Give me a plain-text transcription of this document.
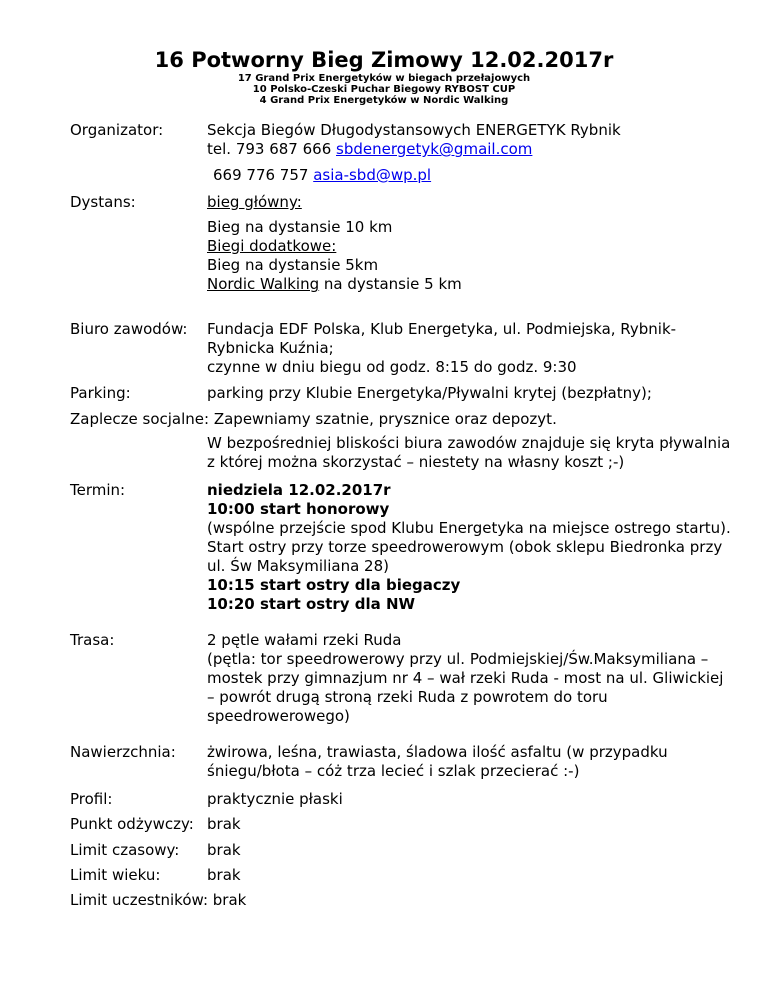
16 Potworny Bieg Zimowy 12.02.2017r
17 Grand Prix Energetyków w biegach przełajowych
10 Polsko-Czeski Puchar Biegowy RYBOST CUP
4 Grand Prix Energetyków w Nordic Walking
Organizator:	Sekcja Biegów Długodystansowych ENERGETYK Rybnik
tel. 793 687 666 sbdenergetyk@gmail.com
669 776 757 asia-sbd@wp.pl
Dystans:	bieg główny:
Bieg na dystansie 10 km
Biegi dodatkowe:
Bieg na dystansie 5km
Nordic Walking na dystansie 5 km
Biuro zawodów: Fundacja EDF Polska, Klub Energetyka, ul. Podmiejska, Rybnik-
Rybnicka Kuźnia;
czynne w dniu biegu od godz. 8:15 do godz. 9:30
Parking:	parking przy Klubie Energetyka/Pływalni krytej (bezpłatny);
Zaplecze socjalne: Zapewniamy szatnie, prysznice oraz depozyt.
W bezpośredniej bliskości biura zawodów znajduje się kryta pływalnia
z której można skorzystać – niestety na własny koszt ;-)
Termin:	niedziela 12.02.2017r
10:00 start honorowy
(wspólne przejście spod Klubu Energetyka na miejsce ostrego startu).
Start ostry przy torze speedrowerowym (obok sklepu Biedronka przy
ul. Św Maksymiliana 28)
10:15 start ostry dla biegaczy
10:20 start ostry dla NW
Trasa:	2 pętle wałami rzeki Ruda
(pętla: tor speedrowerowy przy ul. Podmiejskiej/Św.Maksymiliana –
mostek przy gimnazjum nr 4 – wał rzeki Ruda - most na ul. Gliwickiej
– powrót drugą stroną rzeki Ruda z powrotem do toru
speedrowerowego)
Nawierzchnia: żwirowa, leśna, trawiasta, śladowa ilość asfaltu (w przypadku
śniegu/błota – cóż trza lecieć i szlak przecierać :-)
Profil:	praktycznie płaski
Punkt odżywczy: brak
Limit czasowy: brak
Limit wieku:	brak
Limit uczestników: brak
